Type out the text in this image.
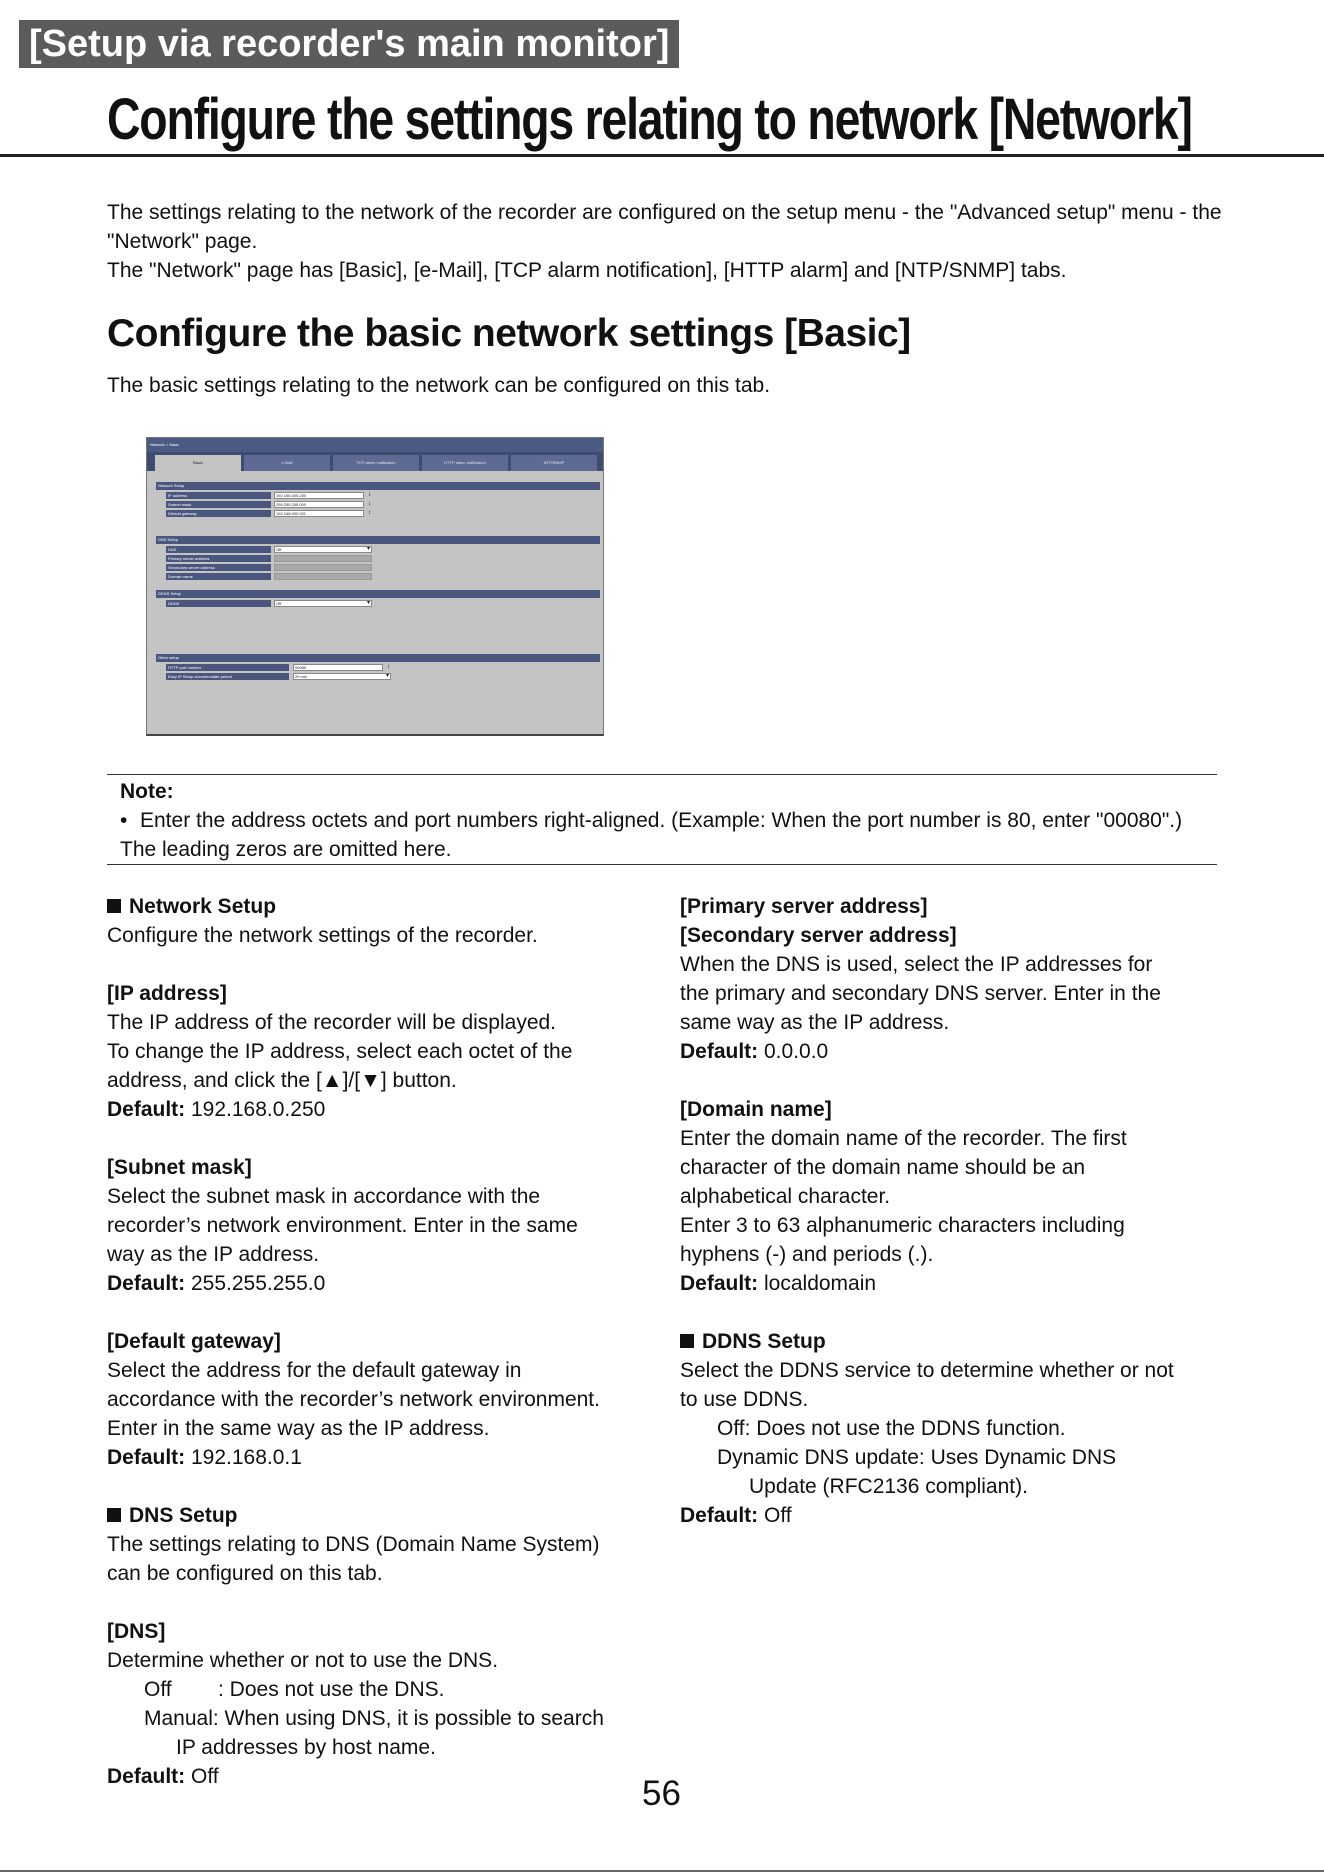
[Setup via recorder's main monitor]
Configure the settings relating to network [Network]

The settings relating to the network of the recorder are configured on the setup menu - the "Advanced setup" menu - the "Network" page.

The "Network" page has [Basic], [e-Mail], [TCP alarm notification], [HTTP alarm] and [NTP/SNMP] tabs.

Configure the basic network settings [Basic]

The basic settings relating to the network can be configured on this tab.

Network > Basic
Basic	e-Mail	TCP alarm notification	HTTP alarm notification	NTP/SNMP
Network Setup
IP address	192.168.000.250	↕
Subnet mask	255.255.255.000	↕
Default gateway	192.168.000.001	↕
DNS Setup
DNS	Off	▾
Primary server address
Secondary server address
Domain name
DDNS Setup
DDNS	Off	▾
Other setup
HTTP port number	00080	↕
Easy IP Setup accommodate period	20 min	▾

Note:

• Enter the address octets and port numbers right-aligned. (Example: When the port number is 80, enter "00080".) The leading zeros are omitted here.

Network Setup

Configure the network settings of the recorder.

[IP address]

The IP address of the recorder will be displayed.

To change the IP address, select each octet of the

address, and click the [▲]/[▼] button.

Default: 192.168.0.250

[Subnet mask]

Select the subnet mask in accordance with the

recorder’s network environment. Enter in the same

way as the IP address.

Default: 255.255.255.0

[Default gateway]

Select the address for the default gateway in

accordance with the recorder’s network environment.

Enter in the same way as the IP address.

Default: 192.168.0.1

DNS Setup

The settings relating to DNS (Domain Name System)

can be configured on this tab.

[DNS]

Determine whether or not to use the DNS.

Off : Does not use the DNS.

Manual: When using DNS, it is possible to search

IP addresses by host name.

Default: Off

[Primary server address]

[Secondary server address]

When the DNS is used, select the IP addresses for

the primary and secondary DNS server. Enter in the

same way as the IP address.

Default: 0.0.0.0

[Domain name]

Enter the domain name of the recorder. The first

character of the domain name should be an

alphabetical character.

Enter 3 to 63 alphanumeric characters including

hyphens (-) and periods (.).

Default: localdomain

DDNS Setup

Select the DDNS service to determine whether or not

to use DDNS.

Off: Does not use the DDNS function.

Dynamic DNS update: Uses Dynamic DNS

Update (RFC2136 compliant).

Default: Off

56
